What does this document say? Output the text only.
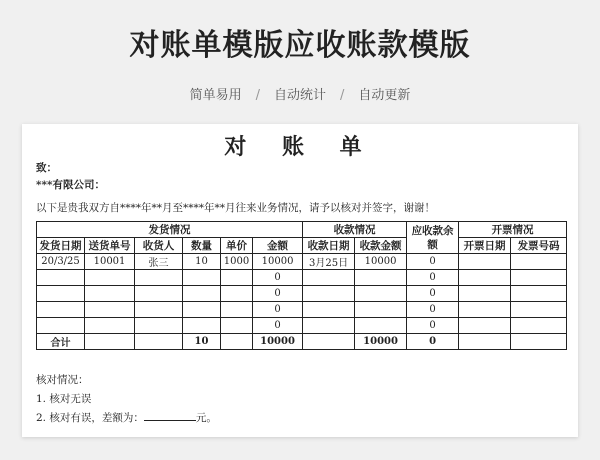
对账单模版应收账款模版
简单易用 / 自动统计 / 自动更新
对 账 单
致：
***有限公司：
以下是贵我双方自****年**月至****年**月往来业务情况，请予以核对并签字，谢谢！
发货情况						收款情况		应收款余额	开票情况	
发货日期	送货单号	收货人	数量	单价	金额	收款日期	收款金额		开票日期	发票号码
20/3/25	10001	张三	10	1000	10000	3月25日	10000	0		
					0			0		
					0			0		
					0			0		
					0			0		
合计			10		10000		10000	0		
核对情况：
1. 核对无误
2. 核对有误，差额为：	元。
